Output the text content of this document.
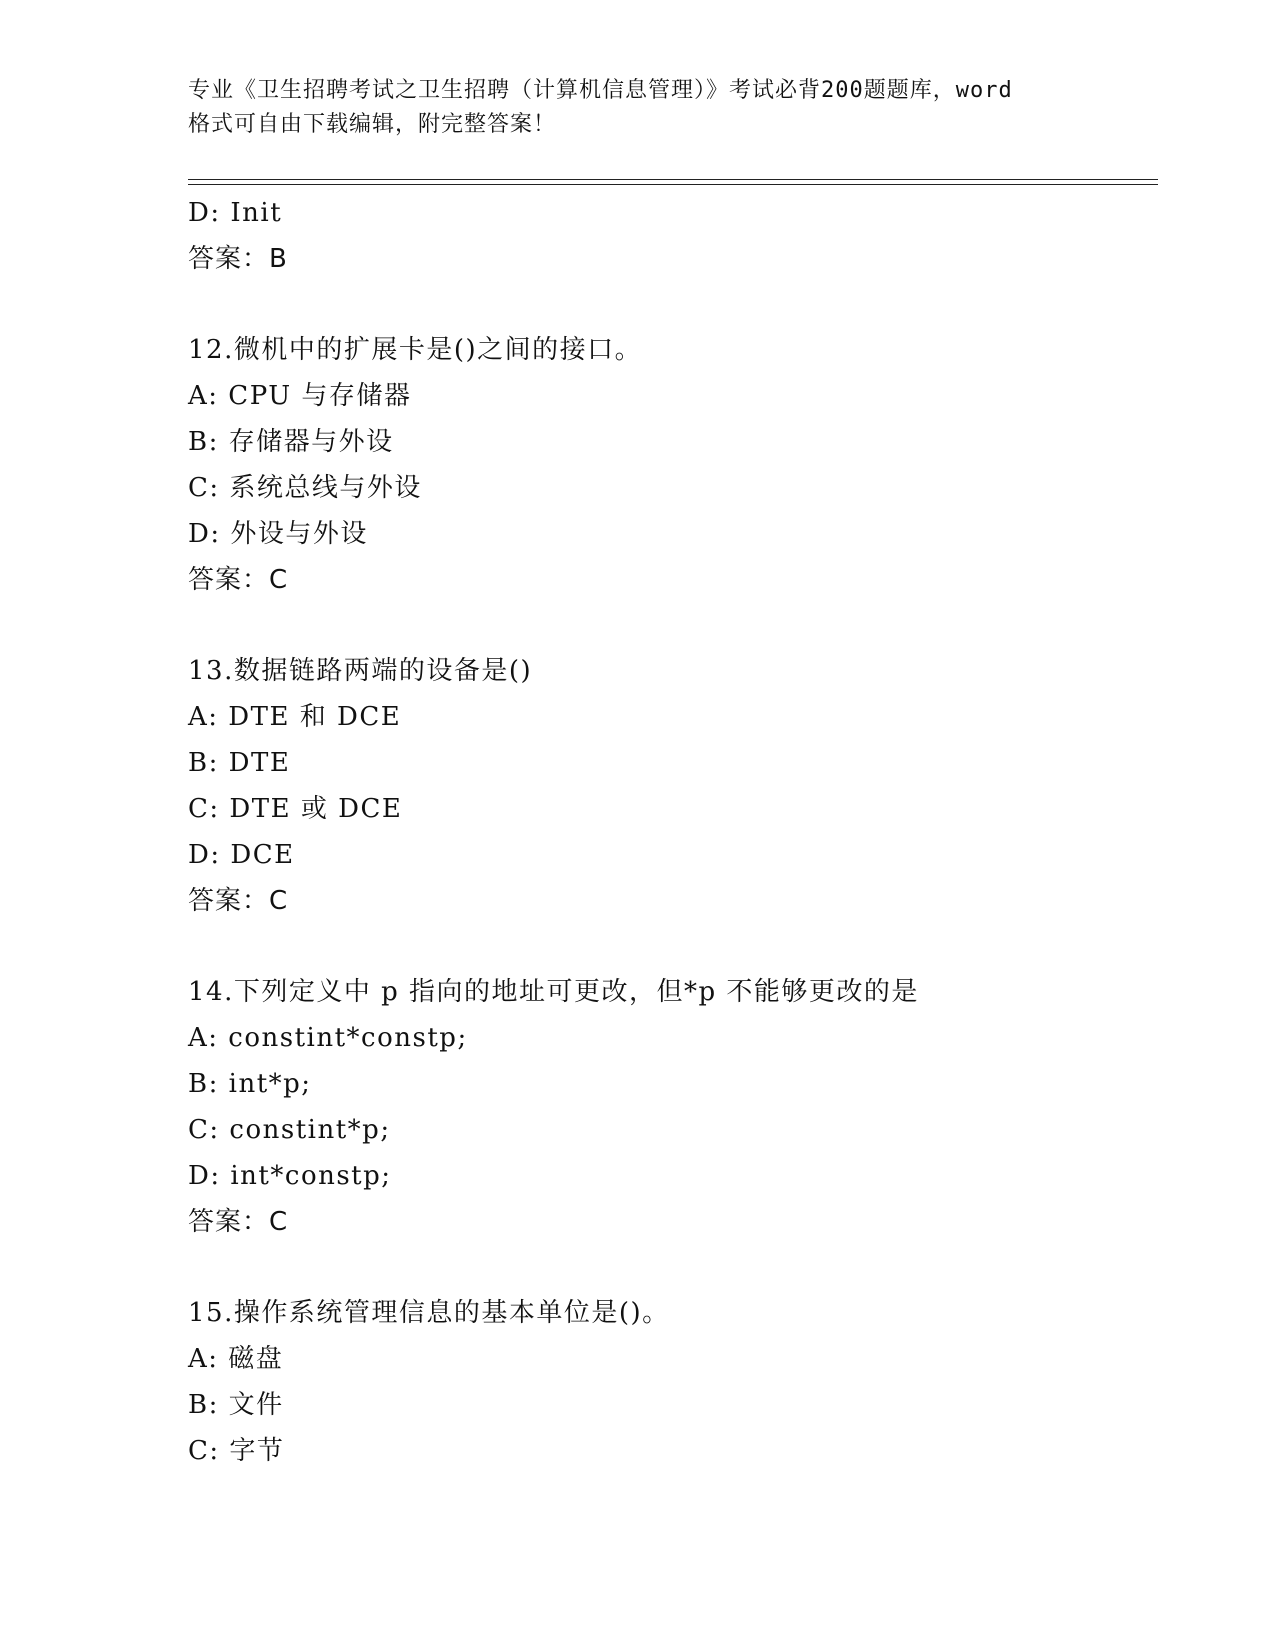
专业《卫生招聘考试之卫生招聘（计算机信息管理）》考试必背200题题库，word
格式可自由下载编辑，附完整答案！
D: Init
答案：B
12.微机中的扩展卡是()之间的接口。
A: CPU 与存储器
B: 存储器与外设
C: 系统总线与外设
D: 外设与外设
答案：C
13.数据链路两端的设备是()
A: DTE 和 DCE
B: DTE
C: DTE 或 DCE
D: DCE
答案：C
14.下列定义中 p 指向的地址可更改，但*p 不能够更改的是
A: constint*constp;
B: int*p;
C: constint*p;
D: int*constp;
答案：C
15.操作系统管理信息的基本单位是()。
A: 磁盘
B: 文件
C: 字节
